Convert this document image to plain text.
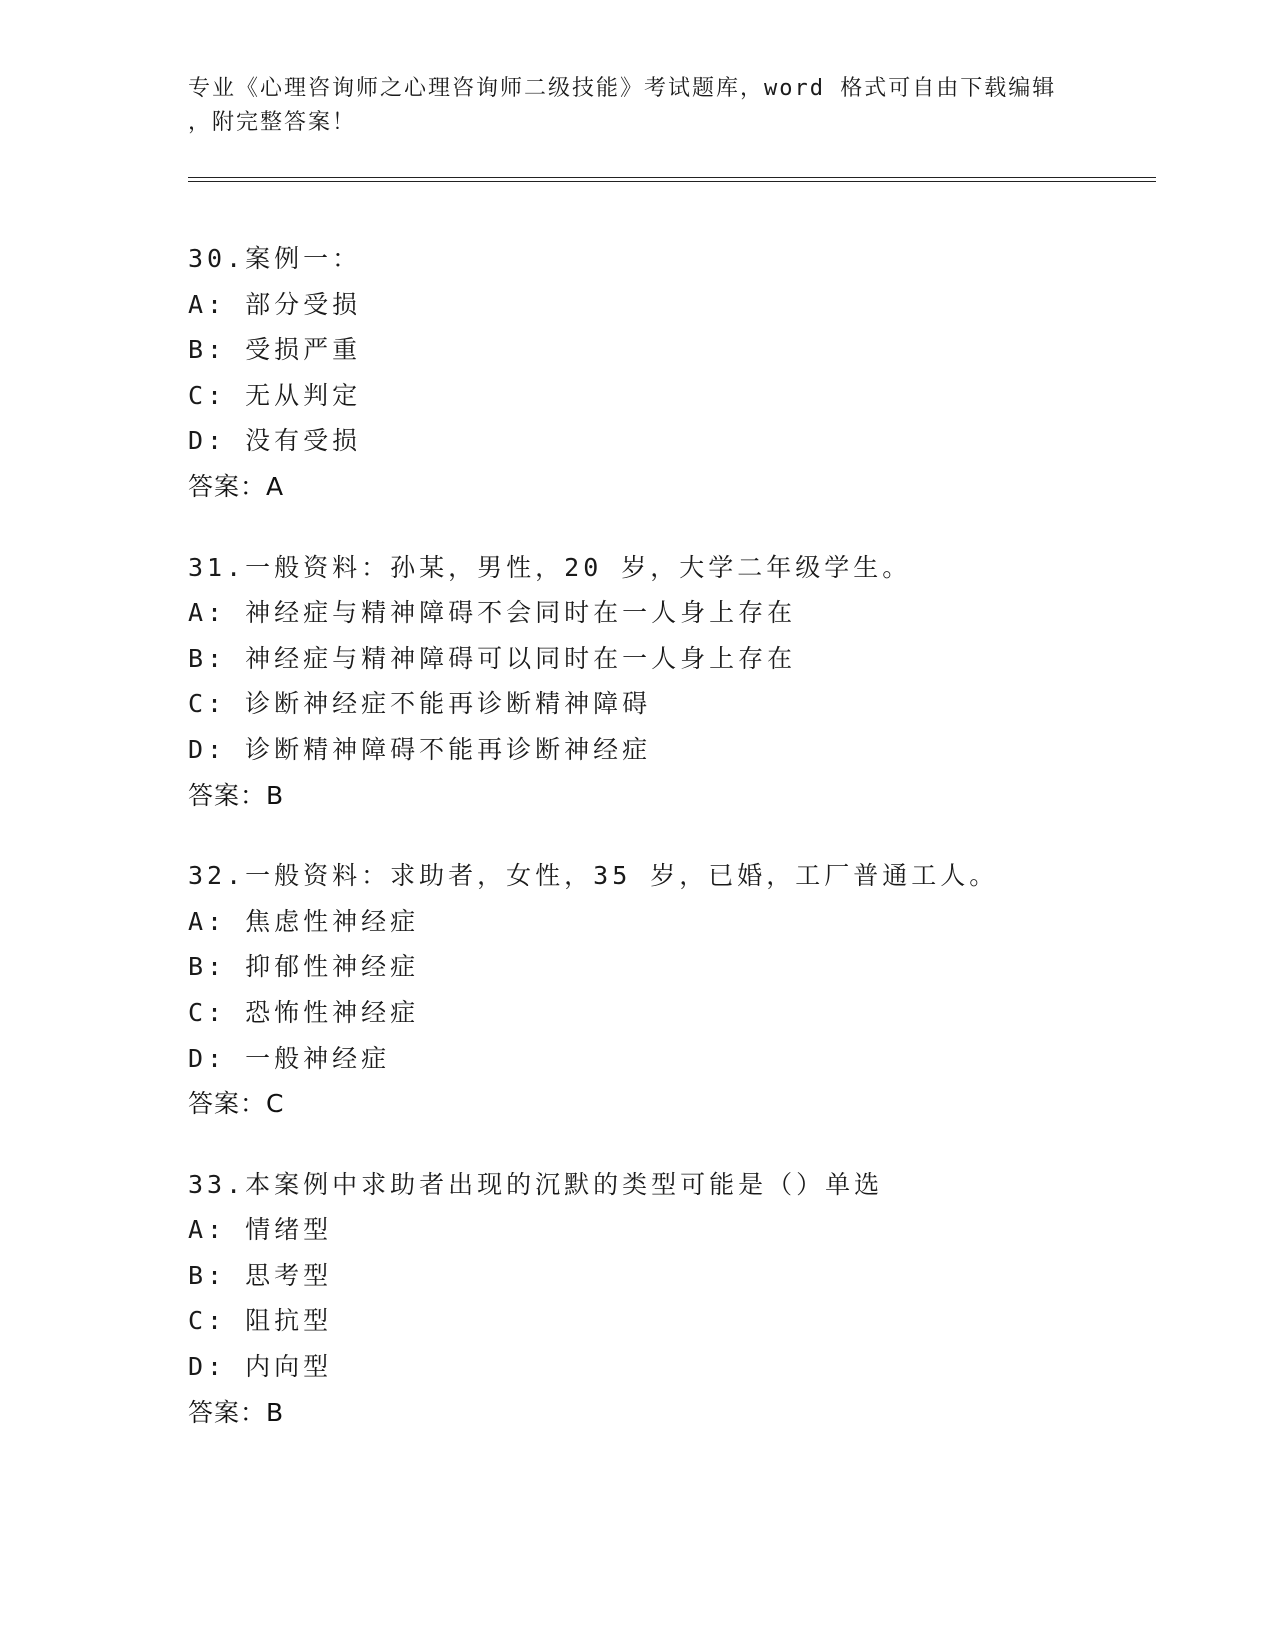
专业《心理咨询师之心理咨询师二级技能》考试题库，word 格式可自由下载编辑
，附完整答案！
30.案例一：
A: 部分受损
B: 受损严重
C: 无从判定
D: 没有受损
答案：A
31.一般资料：孙某，男性，20 岁，大学二年级学生。
A: 神经症与精神障碍不会同时在一人身上存在
B: 神经症与精神障碍可以同时在一人身上存在
C: 诊断神经症不能再诊断精神障碍
D: 诊断精神障碍不能再诊断神经症
答案：B
32.一般资料：求助者，女性，35 岁，已婚，工厂普通工人。
A: 焦虑性神经症
B: 抑郁性神经症
C: 恐怖性神经症
D: 一般神经症
答案：C
33.本案例中求助者出现的沉默的类型可能是（）单选
A: 情绪型
B: 思考型
C: 阻抗型
D: 内向型
答案：B
